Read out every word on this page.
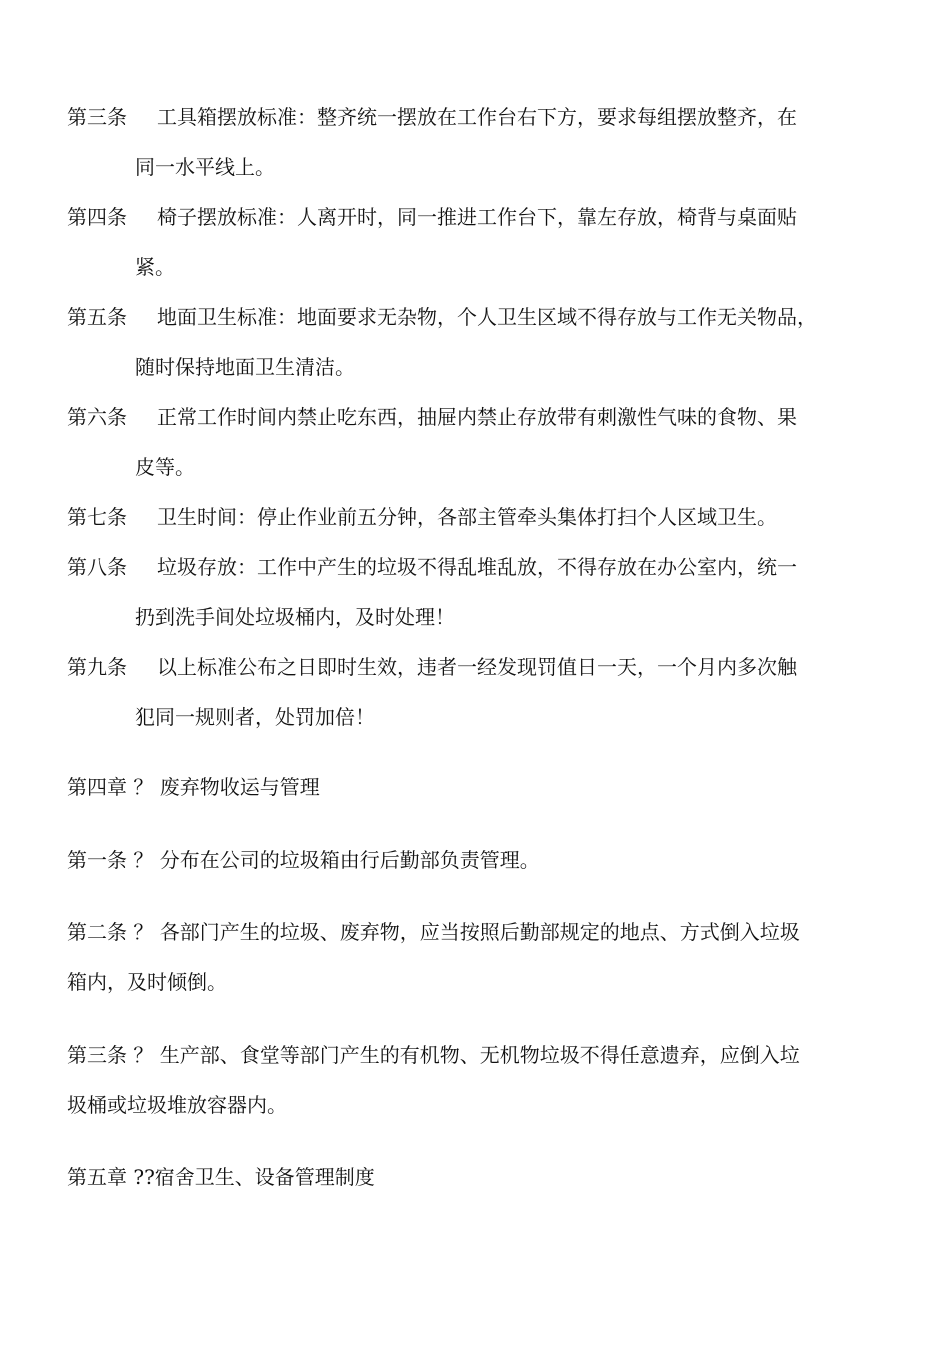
第三条 工具箱摆放标准：整齐统一摆放在工作台右下方，要求每组摆放整齐，在
同一水平线上。
第四条 椅子摆放标准：人离开时，同一推进工作台下，靠左存放，椅背与桌面贴
紧。
第五条 地面卫生标准：地面要求无杂物，个人卫生区域不得存放与工作无关物品，
随时保持地面卫生清洁。
第六条 正常工作时间内禁止吃东西，抽屉内禁止存放带有刺激性气味的食物、果
皮等。
第七条 卫生时间：停止作业前五分钟，各部主管牵头集体打扫个人区域卫生。
第八条 垃圾存放：工作中产生的垃圾不得乱堆乱放，不得存放在办公室内，统一
扔到洗手间处垃圾桶内，及时处理！
第九条 以上标准公布之日即时生效，违者一经发现罚值日一天，一个月内多次触
犯同一规则者，处罚加倍！
第四章 ？ 废弃物收运与管理
第一条 ？ 分布在公司的垃圾箱由行后勤部负责管理。
第二条 ？ 各部门产生的垃圾、废弃物，应当按照后勤部规定的地点、方式倒入垃圾
箱内，及时倾倒。
第三条 ？ 生产部、食堂等部门产生的有机物、无机物垃圾不得任意遗弃，应倒入垃
圾桶或垃圾堆放容器内。
第五章 ??宿舍卫生、设备管理制度
